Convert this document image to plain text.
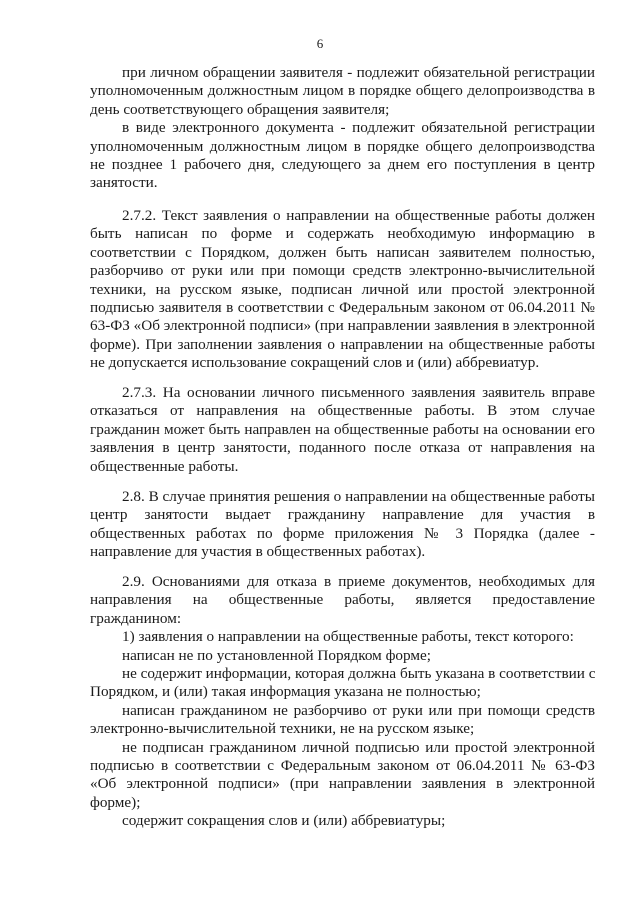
6
при личном обращении заявителя - подлежит обязательной регистрации
уполномоченным должностным лицом в порядке общего делопроизводства в
день соответствующего обращения заявителя;
в виде электронного документа - подлежит обязательной регистрации
уполномоченным должностным лицом в порядке общего делопроизводства
не позднее 1 рабочего дня, следующего за днем его поступления в центр
занятости.
2.7.2. Текст заявления о направлении на общественные работы должен
быть написан по форме и содержать необходимую информацию в
соответствии с Порядком, должен быть написан заявителем полностью,
разборчиво от руки или при помощи средств электронно-вычислительной
техники, на русском языке, подписан личной или простой электронной
подписью заявителя в соответствии с Федеральным законом от 06.04.2011 №
63-ФЗ «Об электронной подписи» (при направлении заявления в электронной
форме). При заполнении заявления о направлении на общественные работы
не допускается использование сокращений слов и (или) аббревиатур.
2.7.3. На основании личного письменного заявления заявитель вправе
отказаться от направления на общественные работы. В этом случае
гражданин может быть направлен на общественные работы на основании его
заявления в центр занятости, поданного после отказа от направления на
общественные работы.
2.8. В случае принятия решения о направлении на общественные работы
центр занятости выдает гражданину направление для участия в
общественных работах по форме приложения № 3 Порядка (далее -
направление для участия в общественных работах).
2.9. Основаниями для отказа в приеме документов, необходимых для
направления на общественные работы, является предоставление
гражданином:
1) заявления о направлении на общественные работы, текст которого:
написан не по установленной Порядком форме;
не содержит информации, которая должна быть указана в соответствии с
Порядком, и (или) такая информация указана не полностью;
написан гражданином не разборчиво от руки или при помощи средств
электронно-вычислительной техники, не на русском языке;
не подписан гражданином личной подписью или простой электронной
подписью в соответствии с Федеральным законом от 06.04.2011 № 63-ФЗ
«Об электронной подписи» (при направлении заявления в электронной
форме);
содержит сокращения слов и (или) аббревиатуры;
